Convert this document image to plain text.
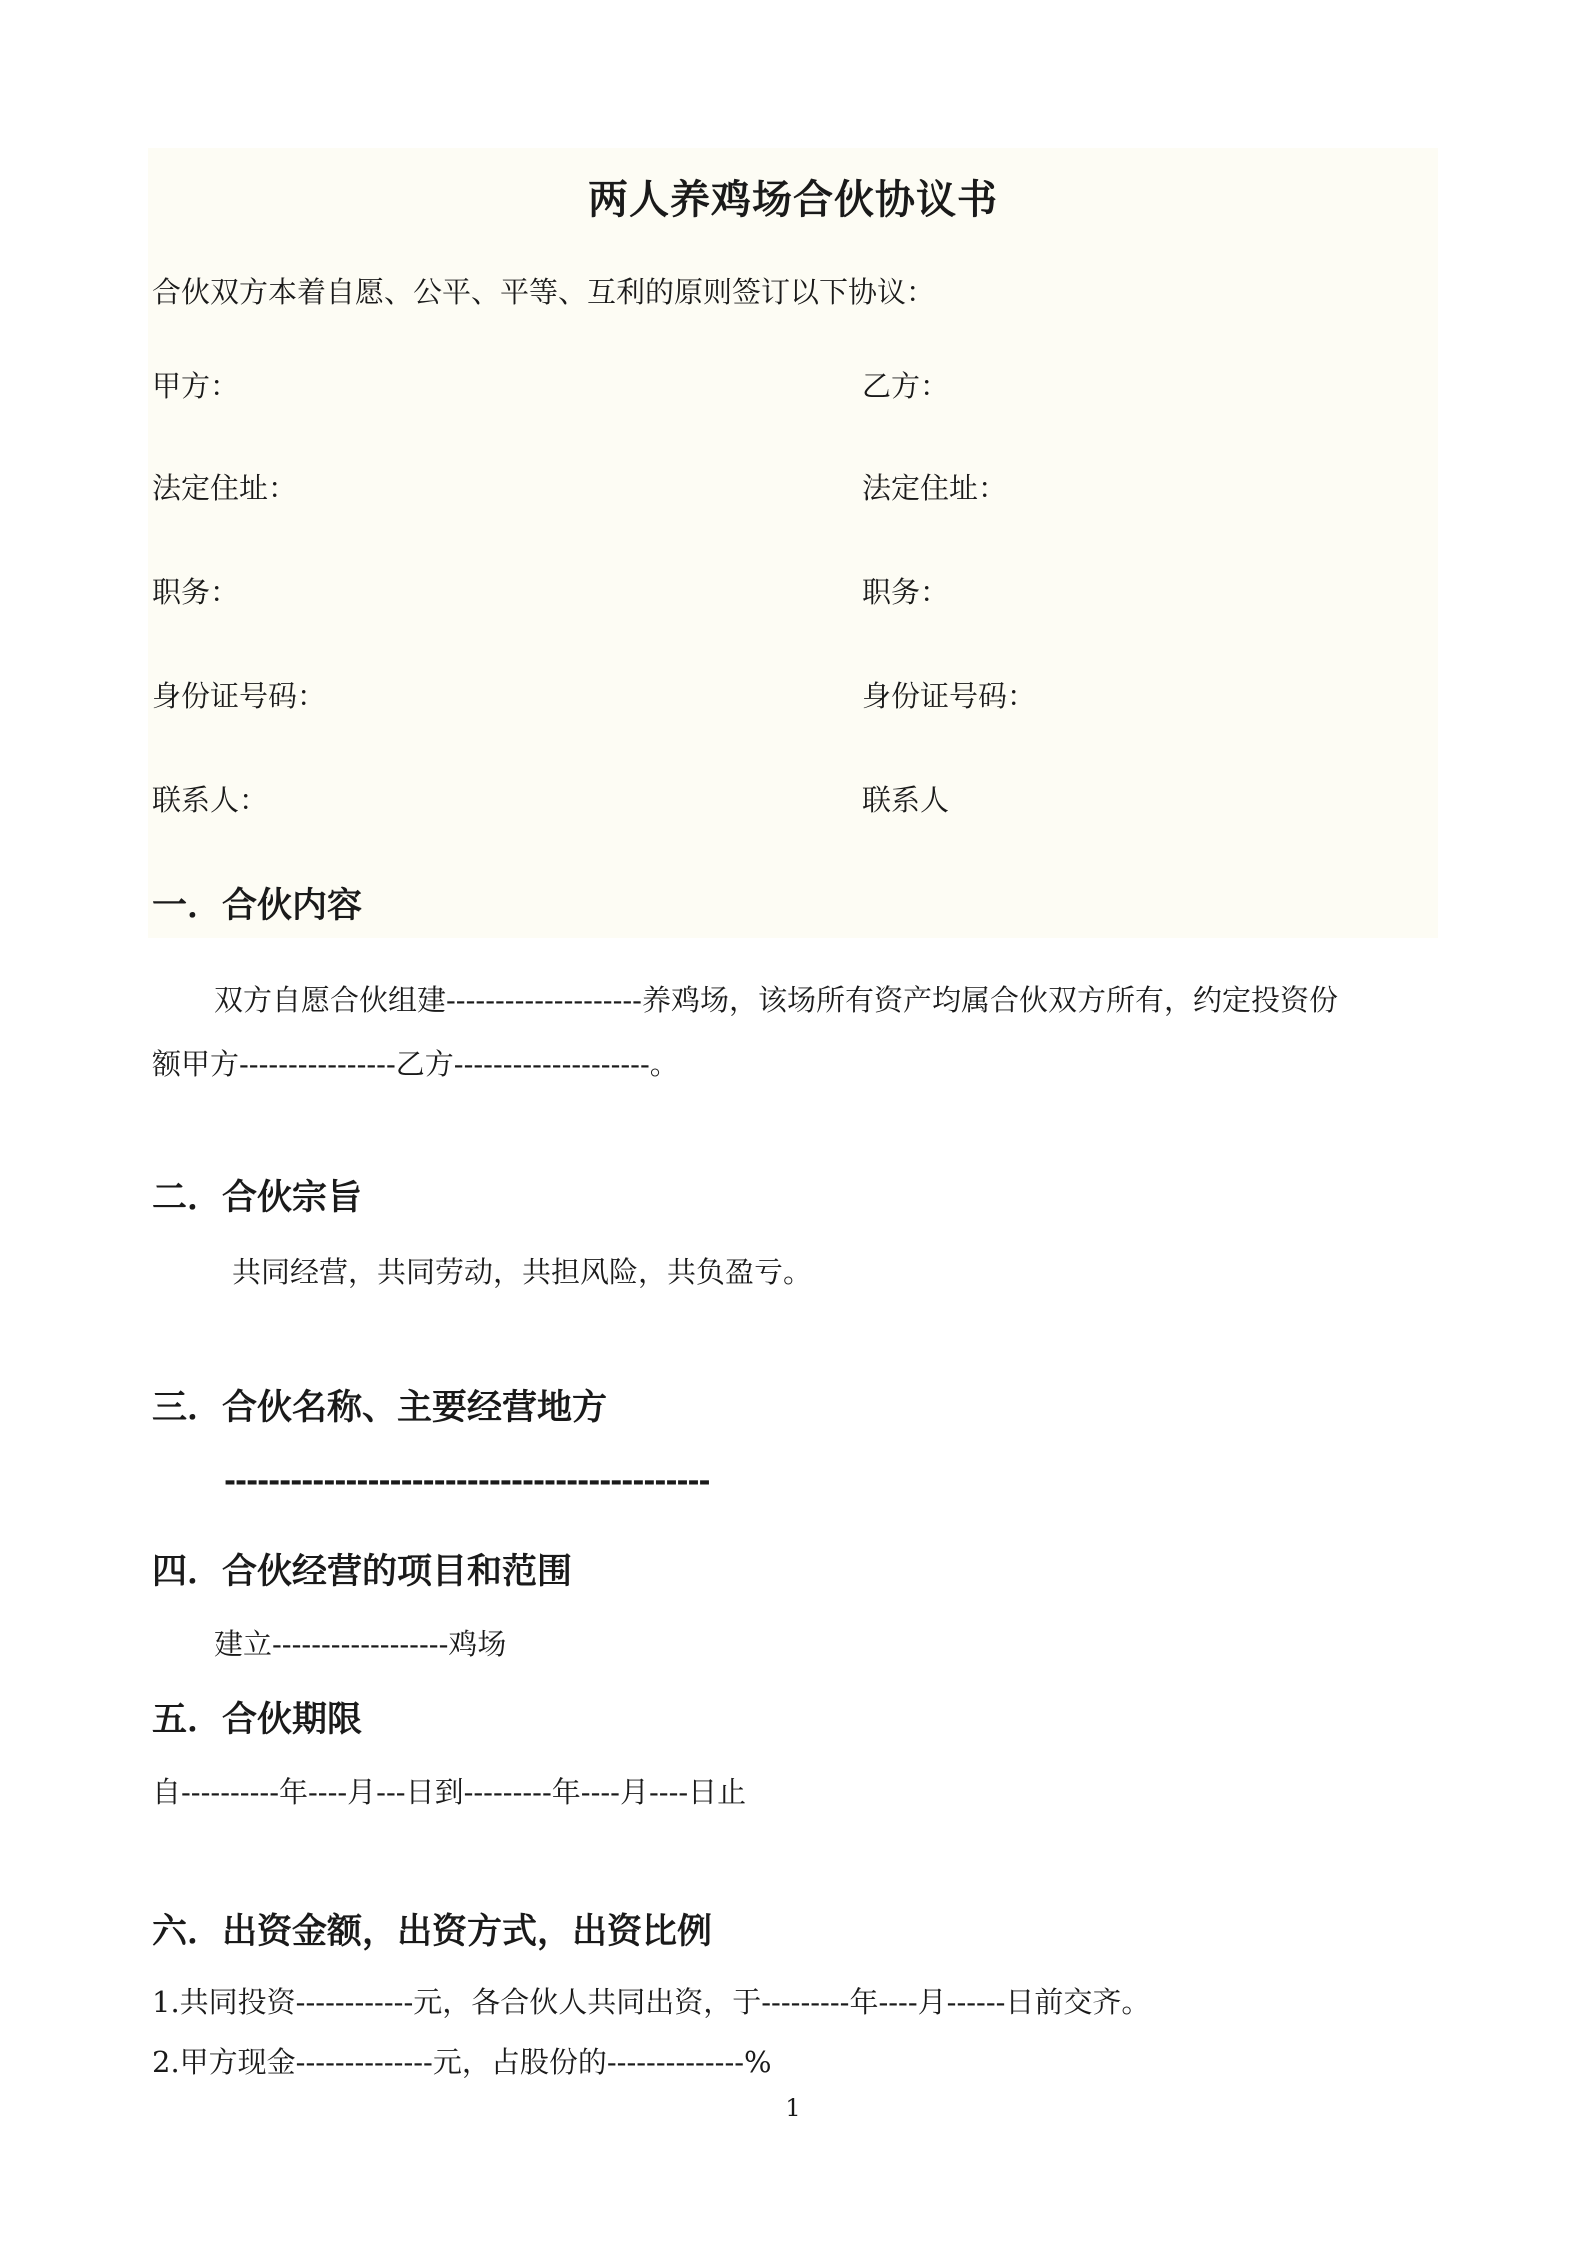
两人养鸡场合伙协议书
合伙双方本着自愿、公平、平等、互利的原则签订以下协议：
甲方：	乙方：
法定住址：	法定住址：
职务：	职务：
身份证号码：	身份证号码：
联系人：	联系人
一．合伙内容
双方自愿合伙组建--------------------养鸡场，该场所有资产均属合伙双方所有，约定投资份
额甲方----------------乙方--------------------。
二．合伙宗旨
共同经营，共同劳动，共担风险，共负盈亏。
三．合伙名称、主要经营地方
--------------------------------------------
四．合伙经营的项目和范围
建立------------------鸡场
五．合伙期限
自----------年----月---日到---------年----月----日止
六．出资金额，出资方式，出资比例
1.共同投资------------元，各合伙人共同出资，于---------年----月------日前交齐。
2.甲方现金--------------元，占股份的--------------%
1
